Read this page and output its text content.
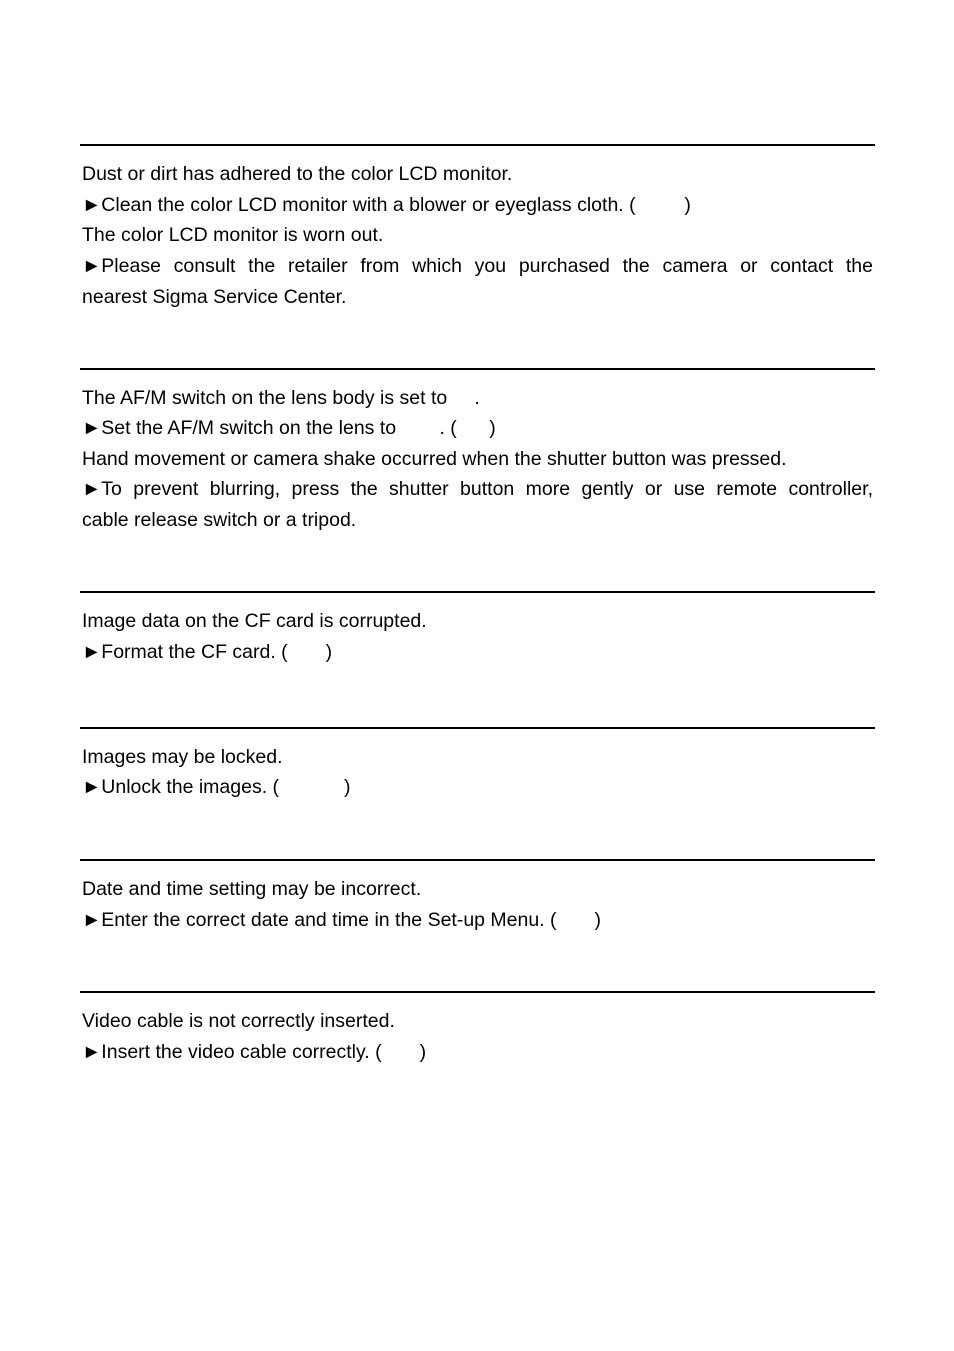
Dust or dirt has adhered to the color LCD monitor.
►Clean the color LCD monitor with a blower or eyeglass cloth. (         )
The color LCD monitor is worn out.
►Please consult the retailer from which you purchased the camera or contact the
nearest Sigma Service Center.
The AF/M switch on the lens body is set to     .
►Set the AF/M switch on the lens to        . (      )
Hand movement or camera shake occurred when the shutter button was pressed.
►To prevent blurring, press the shutter button more gently or use remote controller,
cable release switch or a tripod.
Image data on the CF card is corrupted.
►Format the CF card. (       )
Images may be locked.
►Unlock the images. (            )
Date and time setting may be incorrect.
►Enter the correct date and time in the Set-up Menu. (       )
Video cable is not correctly inserted.
►Insert the video cable correctly. (       )
